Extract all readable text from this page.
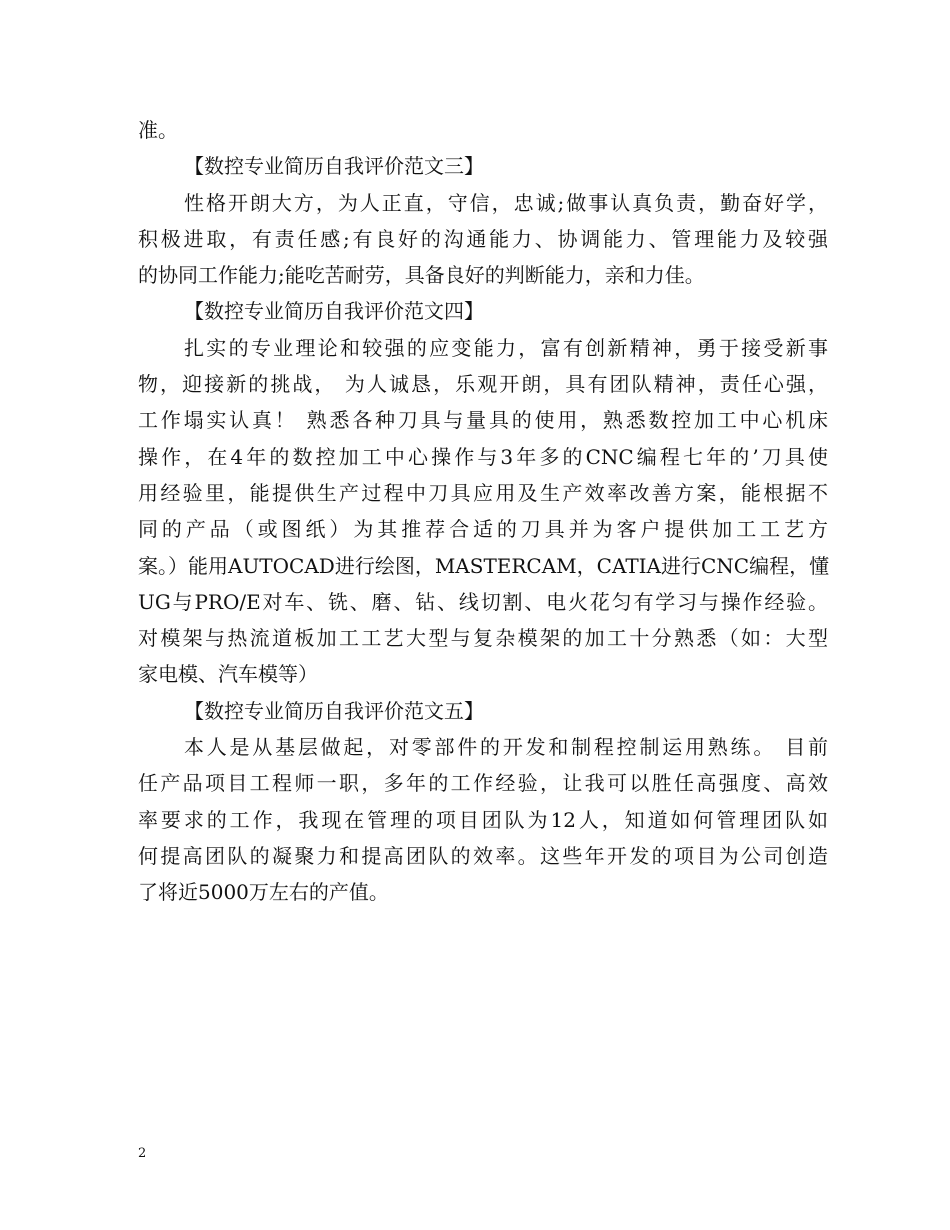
准。
【数控专业简历自我评价范文三】
性格开朗大方，为人正直，守信，忠诚;做事认真负责，勤奋好学，
积极进取，有责任感;有良好的沟通能力、协调能力、管理能力及较强
的协同工作能力;能吃苦耐劳，具备良好的判断能力，亲和力佳。
【数控专业简历自我评价范文四】
扎实的专业理论和较强的应变能力，富有创新精神，勇于接受新事
物，迎接新的挑战， 为人诚恳，乐观开朗，具有团队精神，责任心强，
工作塌实认真！ 熟悉各种刀具与量具的使用，熟悉数控加工中心机床
操作，在4年的数控加工中心操作与3年多的CNC编程七年的’刀具使
用经验里，能提供生产过程中刀具应用及生产效率改善方案，能根据不
同的产品（或图纸）为其推荐合适的刀具并为客户提供加工工艺方
案。）能用AUTOCAD进行绘图，MASTERCAM，CATIA进行CNC编程，懂
UG与PRO/E对车、铣、磨、钻、线切割、电火花匀有学习与操作经验。
对模架与热流道板加工工艺大型与复杂模架的加工十分熟悉（如：大型
家电模、汽车模等）
【数控专业简历自我评价范文五】
本人是从基层做起，对零部件的开发和制程控制运用熟练。 目前
任产品项目工程师一职，多年的工作经验，让我可以胜任高强度、高效
率要求的工作，我现在管理的项目团队为12人，知道如何管理团队如
何提高团队的凝聚力和提高团队的效率。这些年开发的项目为公司创造
了将近5000万左右的产值。
2
